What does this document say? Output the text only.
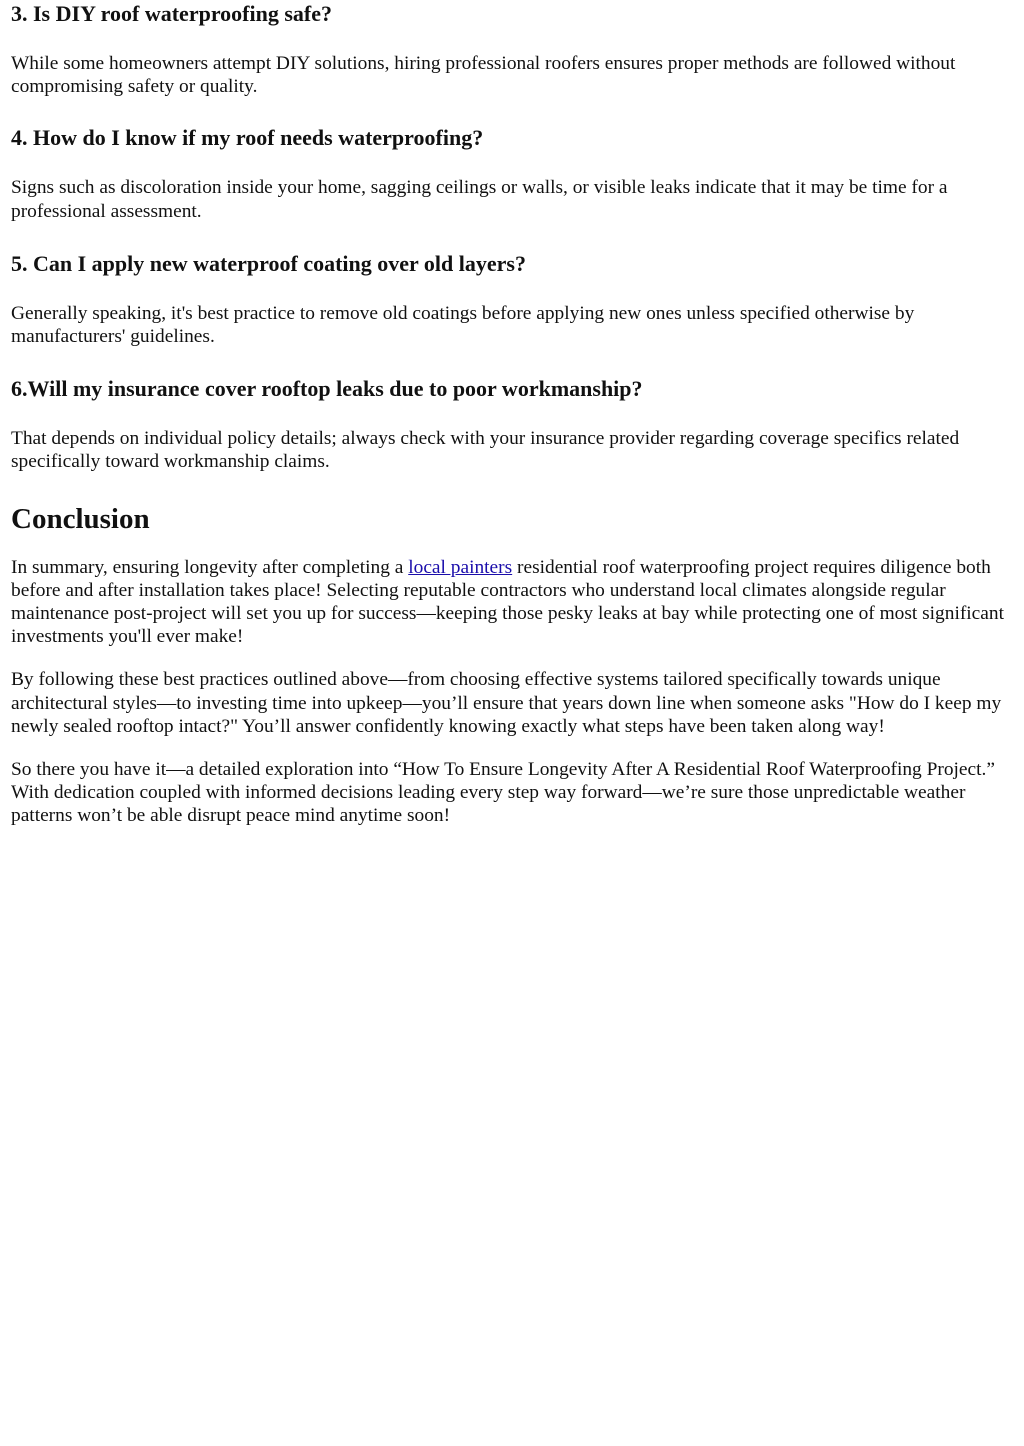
3. Is DIY roof waterproofing safe?

While some homeowners attempt DIY solutions, hiring professional roofers ensures proper methods are followed without compromising safety or quality.

4. How do I know if my roof needs waterproofing?

Signs such as discoloration inside your home, sagging ceilings or walls, or visible leaks indicate that it may be time for a professional assessment.

5. Can I apply new waterproof coating over old layers?

Generally speaking, it's best practice to remove old coatings before applying new ones unless specified otherwise by manufacturers' guidelines.

6.Will my insurance cover rooftop leaks due to poor workmanship?

That depends on individual policy details; always check with your insurance provider regarding coverage specifics related specifically toward workmanship claims.

Conclusion

In summary, ensuring longevity after completing a local painters residential roof waterproofing project requires diligence both before and after installation takes place! Selecting reputable contractors who understand local climates alongside regular maintenance post-project will set you up for success—keeping those pesky leaks at bay while protecting one of most significant investments you'll ever make!

By following these best practices outlined above—from choosing effective systems tailored specifically towards unique architectural styles—to investing time into upkeep—you’ll ensure that years down line when someone asks "How do I keep my newly sealed rooftop intact?" You’ll answer confidently knowing exactly what steps have been taken along way!

So there you have it—a detailed exploration into “How To Ensure Longevity After A Residential Roof Waterproofing Project.” With dedication coupled with informed decisions leading every step way forward—we’re sure those unpredictable weather patterns won’t be able disrupt peace mind anytime soon!
